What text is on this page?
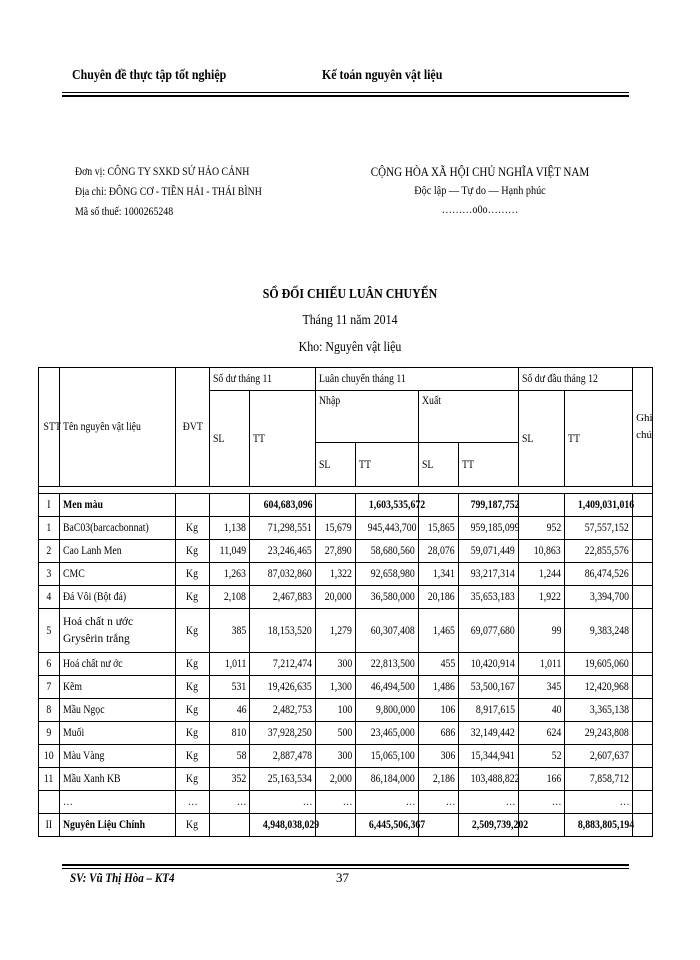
Chuyên đề thực tập tốt nghiệp	Kế toán nguyên vật liệu
Đơn vị: CÔNG TY SXKD SỨ HẢO CẢNH
Địa chỉ: ĐÔNG CƠ - TIỀN HẢI - THÁI BÌNH
Mã số thuế: 1000265248
CỘNG HÒA XÃ HỘI CHỦ NGHĨA VIỆT NAM
Độc lập — Tự do — Hạnh phúc
………o0o………
SỔ ĐỐI CHIẾU LUÂN CHUYỂN
Tháng 11 năm 2014
Kho: Nguyên vật liệu
STT	Tên nguyên vật liệu	ĐVT	Số dư tháng 11		Luân chuyển tháng 11				Số dư đầu tháng 12		Ghi chú
			SL	TT	Nhập		Xuất		SL	TT	
					SL	TT	SL	TT			

I	Men màu			604,683,096		1,603,535,672		799,187,752		1,409,031,016	
1	BaC03(barcacbonnat)	Kg	1,138	71,298,551	15,679	945,443,700	15,865	959,185,099	952	57,557,152	
2	Cao Lanh Men	Kg	11,049	23,246,465	27,890	58,680,560	28,076	59,071,449	10,863	22,855,576	
3	CMC	Kg	1,263	87,032,860	1,322	92,658,980	1,341	93,217,314	1,244	86,474,526	
4	Đá Vôi (Bột đá)	Kg	2,108	2,467,883	20,000	36,580,000	20,186	35,653,183	1,922	3,394,700	
5	Hoá chất n ước Grysêrin trắng	Kg	385	18,153,520	1,279	60,307,408	1,465	69,077,680	99	9,383,248	
6	Hoá chất nư ớc	Kg	1,011	7,212,474	300	22,813,500	455	10,420,914	1,011	19,605,060	
7	Kẽm	Kg	531	19,426,635	1,300	46,494,500	1,486	53,500,167	345	12,420,968	
8	Mầu Ngọc	Kg	46	2,482,753	100	9,800,000	106	8,917,615	40	3,365,138	
9	Muối	Kg	810	37,928,250	500	23,465,000	686	32,149,442	624	29,243,808	
10	Màu Vàng	Kg	58	2,887,478	300	15,065,100	306	15,344,941	52	2,607,637	
11	Mầu Xanh KB	Kg	352	25,163,534	2,000	86,184,000	2,186	103,488,822	166	7,858,712	
	…	…	…	…	…	…	…	…	…	…	
II	Nguyên Liệu Chính	Kg		4,948,038,029		6,445,506,367		2,509,739,202		8,883,805,194	
SV: Vũ Thị Hòa – KT4	37
